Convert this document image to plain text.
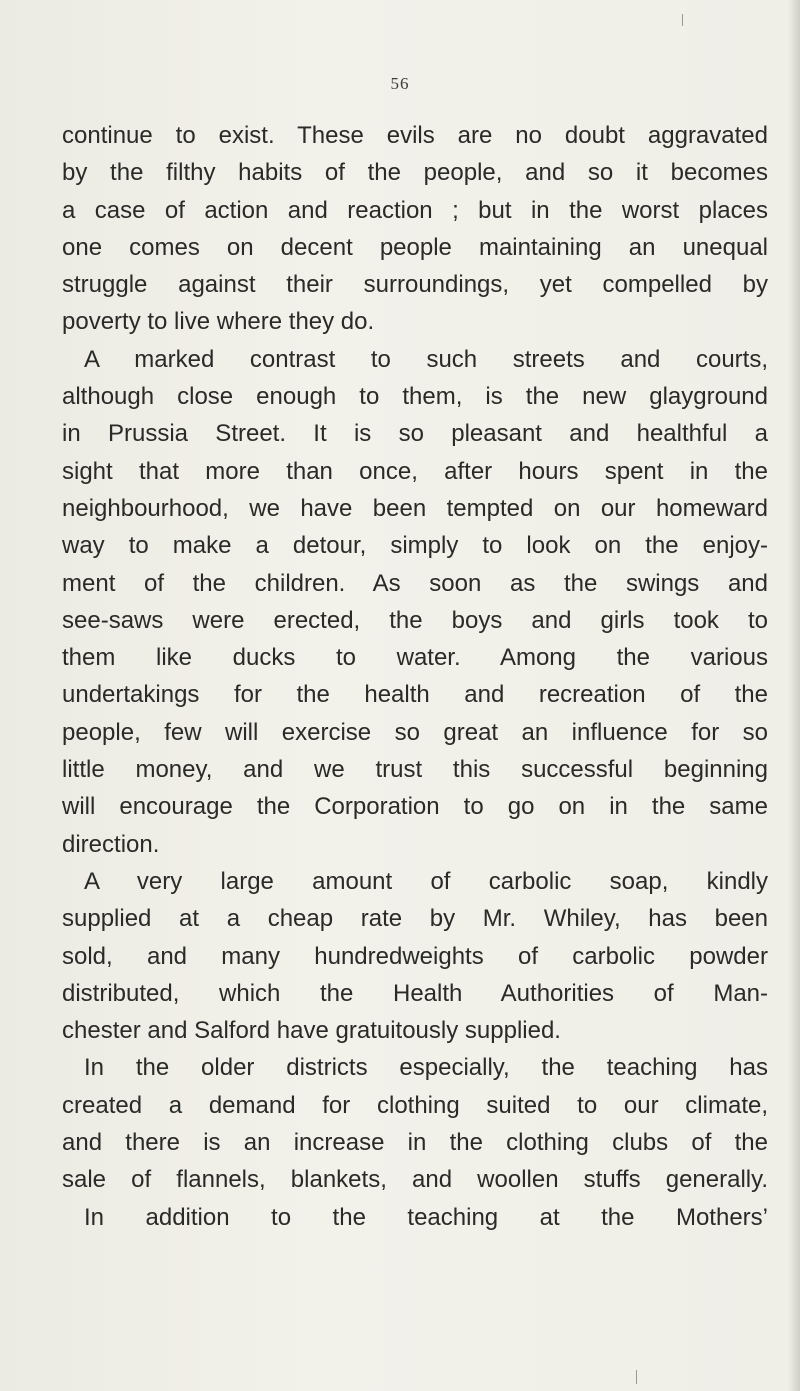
56
continue to exist. These evils are no doubt aggravated
by the filthy habits of the people, and so it becomes
a case of action and reaction ; but in the worst places
one comes on decent people maintaining an unequal
struggle against their surroundings, yet compelled by
poverty to live where they do.
A marked contrast to such streets and courts,
although close enough to them, is the new glayground
in Prussia Street. It is so pleasant and healthful a
sight that more than once, after hours spent in the
neighbourhood, we have been tempted on our homeward
way to make a detour, simply to look on the enjoy-
ment of the children. As soon as the swings and
see-saws were erected, the boys and girls took to
them like ducks to water. Among the various
undertakings for the health and recreation of the
people, few will exercise so great an influence for so
little money, and we trust this successful beginning
will encourage the Corporation to go on in the same
direction.
A very large amount of carbolic soap, kindly
supplied at a cheap rate by Mr. Whiley, has been
sold, and many hundredweights of carbolic powder
distributed, which the Health Authorities of Man-
chester and Salford have gratuitously supplied.
In the older districts especially, the teaching has
created a demand for clothing suited to our climate,
and there is an increase in the clothing clubs of the
sale of flannels, blankets, and woollen stuffs generally.
In addition to the teaching at the Mothers’
